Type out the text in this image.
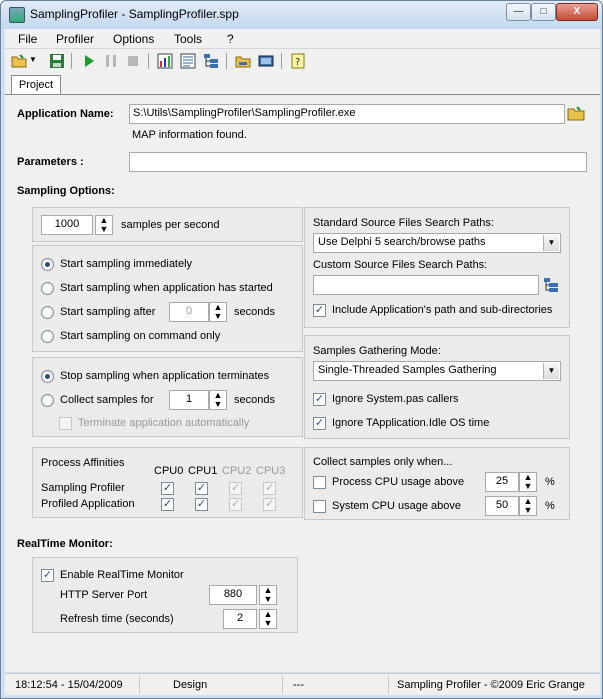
SamplingProfiler - SamplingProfiler.spp	—	□	X
File Profiler Options Tools ?
▼	?
Project
Application Name:	S:\Utils\SamplingProfiler\SamplingProfiler.exe
MAP information found.
Parameters :
Sampling Options:
1000	▲
▼	samples per second
Start sampling immediately
Start sampling when application has started
Start sampling after	0	▲
▼	seconds
Start sampling on command only
Stop sampling when application terminates
Collect samples for	1	▲
▼	seconds
Terminate application automatically
Process Affinities
CPU0 CPU1 CPU2 CPU3
Sampling Profiler	✓ ✓ ✓ ✓
Profiled Application	✓ ✓ ✓ ✓
Standard Source Files Search Paths:
Use Delphi 5 search/browse paths	▼
Custom Source Files Search Paths:
✓ Include Application's path and sub-directories
Samples Gathering Mode:
Single-Threaded Samples Gathering	▼
✓ Ignore System.pas callers
✓ Ignore TApplication.Idle OS time
Collect samples only when...
Process CPU usage above	25	▲
▼	%
System CPU usage above	50	▲
▼	%
RealTime Monitor:
✓ Enable RealTime Monitor
HTTP Server Port	880	▲
▼
Refresh time (seconds)	2	▲
▼
18:12:54 - 15/04/2009	Design	---	Sampling Profiler - ©2009 Eric Grange
